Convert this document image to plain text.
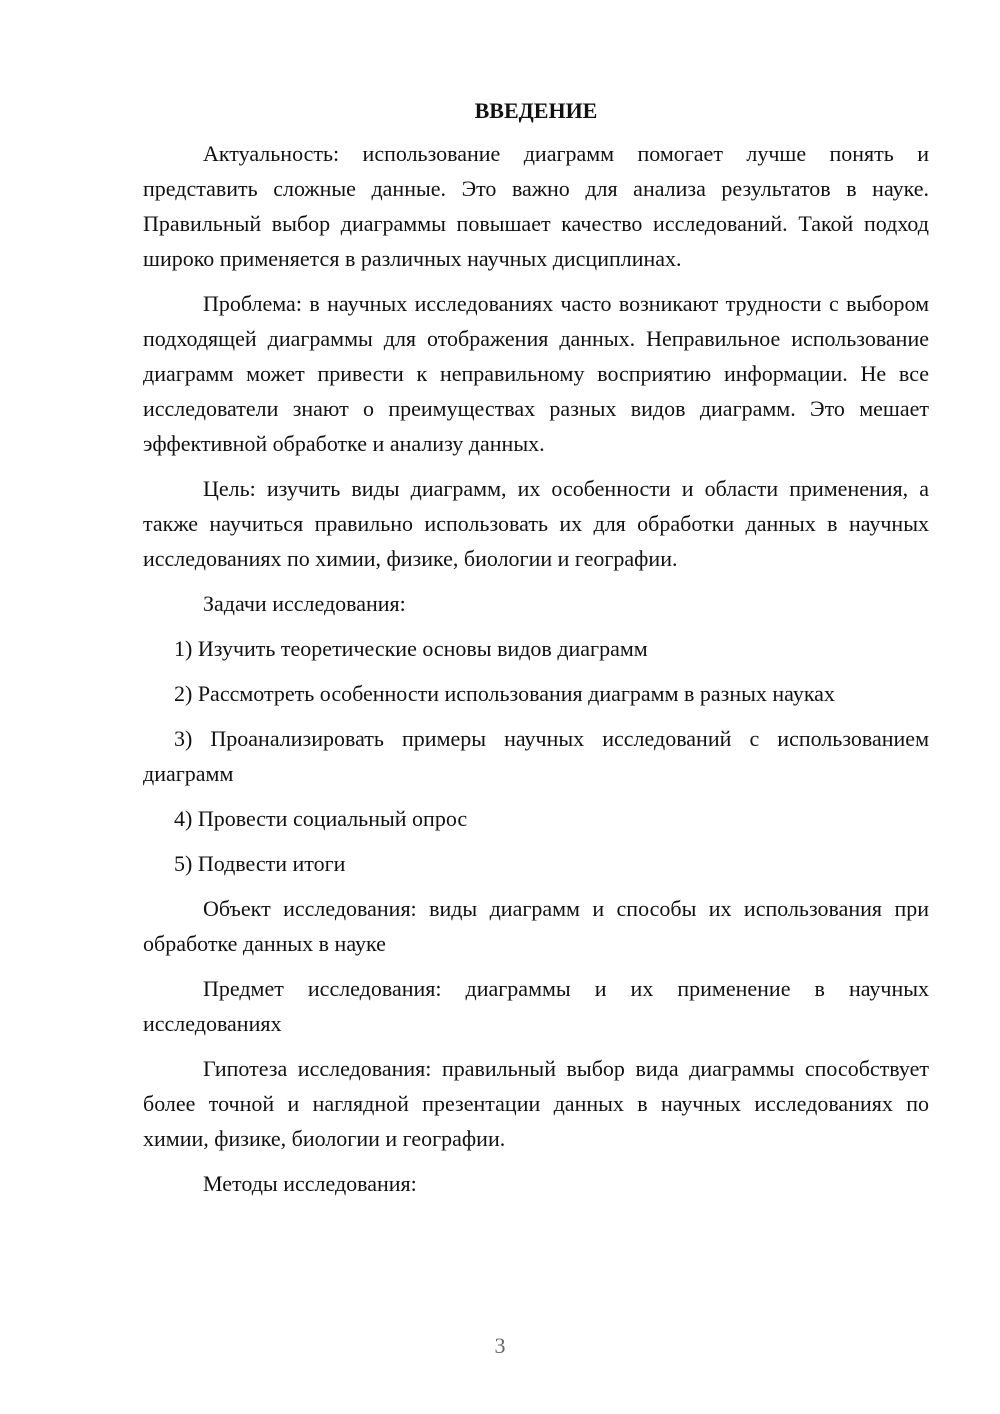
ВВЕДЕНИЕ

Актуальность: использование диаграмм помогает лучше понять и представить сложные данные. Это важно для анализа результатов в науке. Правильный выбор диаграммы повышает качество исследований. Такой подход широко применяется в различных научных дисциплинах.

Проблема: в научных исследованиях часто возникают трудности с выбором подходящей диаграммы для отображения данных. Неправильное использование диаграмм может привести к неправильному восприятию информации. Не все исследователи знают о преимуществах разных видов диаграмм. Это мешает эффективной обработке и анализу данных.

Цель: изучить виды диаграмм, их особенности и области применения, а также научиться правильно использовать их для обработки данных в научных исследованиях по химии, физике, биологии и географии.

Задачи исследования:

1) Изучить теоретические основы видов диаграмм

2) Рассмотреть особенности использования диаграмм в разных науках

3) Проанализировать примеры научных исследований с использованием диаграмм

4) Провести социальный опрос

5) Подвести итоги

Объект исследования: виды диаграмм и способы их использования при обработке данных в науке

Предмет исследования: диаграммы и их применение в научных исследованиях

Гипотеза исследования: правильный выбор вида диаграммы способствует более точной и наглядной презентации данных в научных исследованиях по химии, физике, биологии и географии.

Методы исследования:

3
